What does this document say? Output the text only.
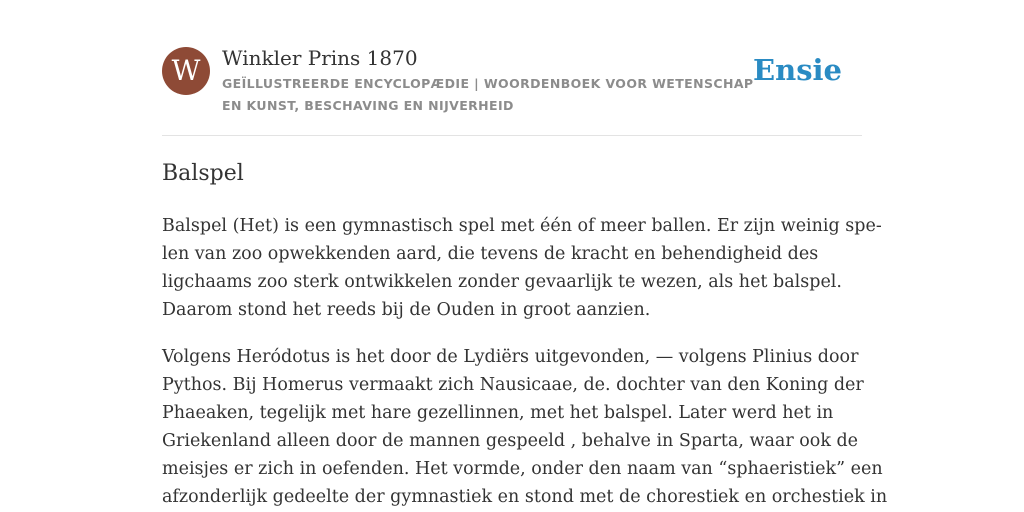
W	Winkler Prins 1870
GEÏLLUSTREERDE ENCYCLOPÆDIE | WOORDENBOEK VOOR WETENSCHAP EN KUNST, BESCHAVING EN NIJVERHEID
Ensie
Balspel

Balspel (Het) is een gymnastisch spel met één of meer ballen. Er zijn weinig spe-
len van zoo opwekkenden aard, die tevens de kracht en behendigheid des
ligchaams zoo sterk ontwikkelen zonder gevaarlijk te wezen, als het balspel.
Daarom stond het reeds bij de Ouden in groot aanzien.

Volgens Heródotus is het door de Lydiërs uitgevonden, — volgens Plinius door
Pythos. Bij Homerus vermaakt zich Nausicaae, de. dochter van den Koning der
Phaeaken, tegelijk met hare gezellinnen, met het balspel. Later werd het in
Griekenland alleen door de mannen gespeeld , behalve in Sparta, waar ook de
meisjes er zich in oefenden. Het vormde, onder den naam van “sphaeristiek” een
afzonderlijk gedeelte der gymnastiek en stond met de chorestiek en orchestiek in
